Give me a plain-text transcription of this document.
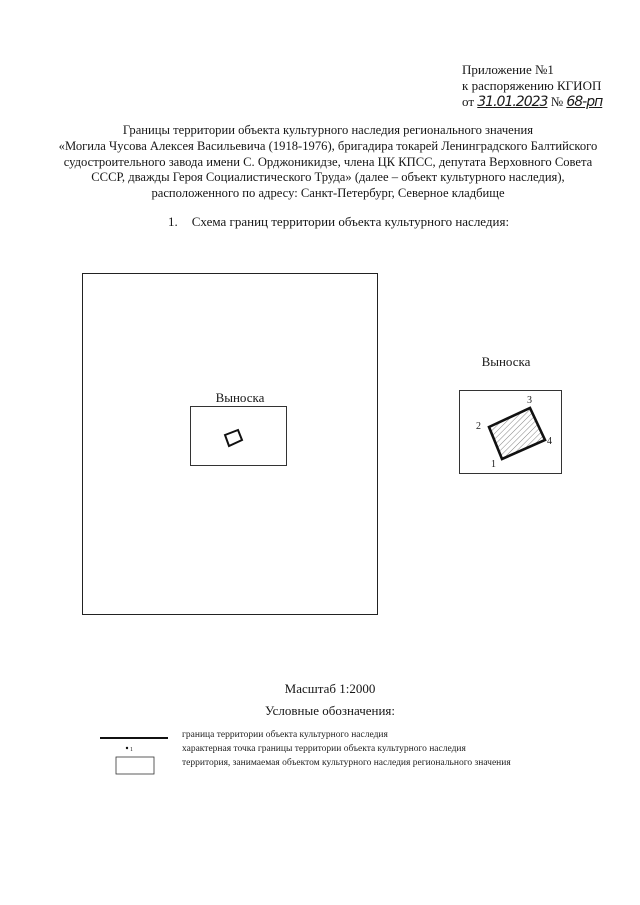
Приложение №1
к распоряжению КГИОП
от 31.01.2023 № 68-рп
Границы территории объекта культурного наследия регионального значения
«Могила Чусова Алексея Васильевича (1918-1976), бригадира токарей Ленинградского Балтийского
судостроительного завода имени С. Орджоникидзе, члена ЦК КПСС, депутата Верховного Совета
СССР, дважды Героя Социалистического Труда» (далее – объект культурного наследия),
расположенного по адресу: Санкт-Петербург, Северное кладбище
1. Схема границ территории объекта культурного наследия:
Выноска
Выноска
Масштаб 1:2000
Условные обозначения:
граница территории объекта культурного наследия
характерная точка границы территории объекта культурного наследия
территория, занимаемая объектом культурного наследия регионального значения
1
2
3
4
1
